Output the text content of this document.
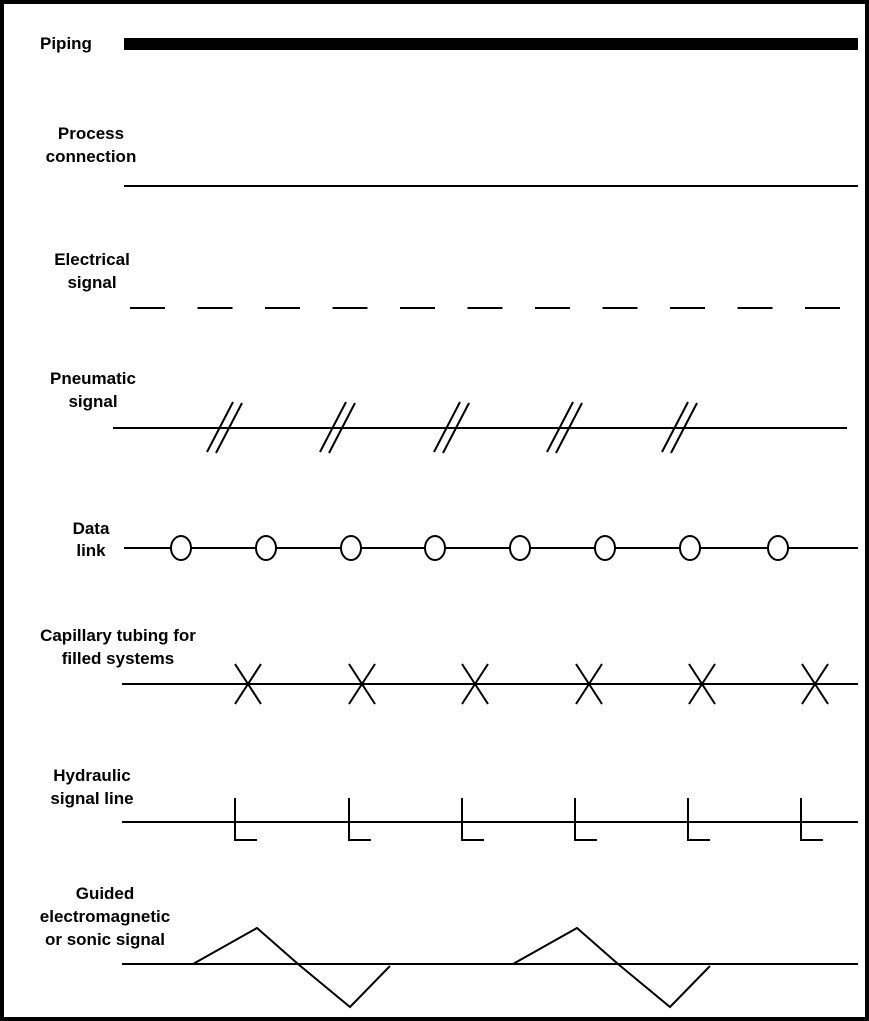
Piping
Process connection
Electrical signal
Pneumatic signal
Data link
Capillary tubing for filled systems
Hydraulic signal line
Guided electromagnetic or sonic signal
